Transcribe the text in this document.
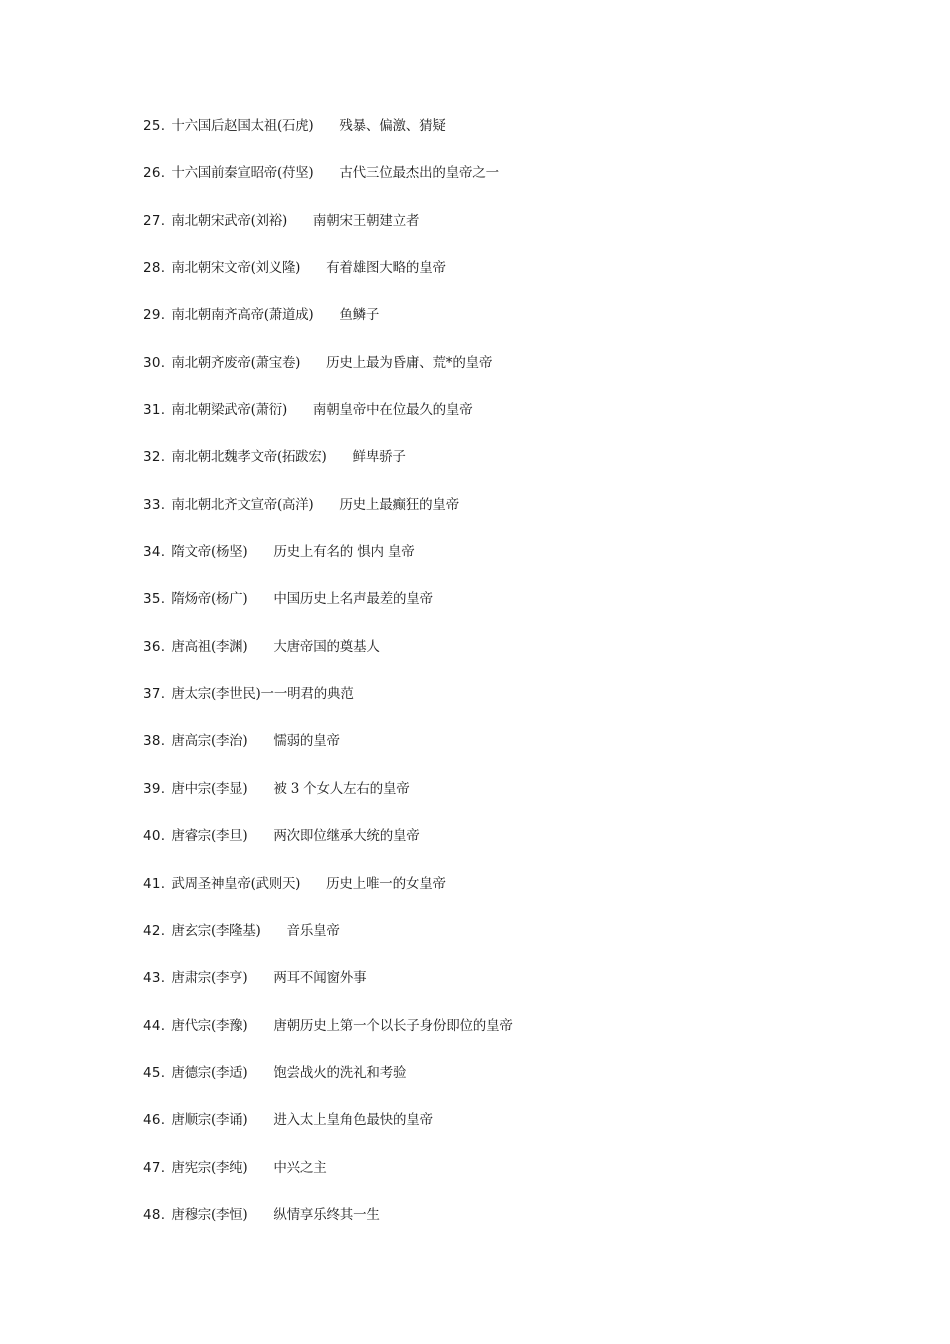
25. 十六国后赵国太祖(石虎) 残暴、偏激、猜疑
26. 十六国前秦宣昭帝(苻坚) 古代三位最杰出的皇帝之一
27. 南北朝宋武帝(刘裕) 南朝宋王朝建立者
28. 南北朝宋文帝(刘义隆) 有着雄图大略的皇帝
29. 南北朝南齐高帝(萧道成) 鱼鳞子
30. 南北朝齐废帝(萧宝卷) 历史上最为昏庸、荒*的皇帝
31. 南北朝梁武帝(萧衍) 南朝皇帝中在位最久的皇帝
32. 南北朝北魏孝文帝(拓跋宏) 鲜卑骄子
33. 南北朝北齐文宣帝(高洋) 历史上最癫狂的皇帝
34. 隋文帝(杨坚) 历史上有名的 惧内 皇帝
35. 隋炀帝(杨广) 中国历史上名声最差的皇帝
36. 唐高祖(李渊) 大唐帝国的奠基人
37. 唐太宗(李世民) 一一明君的典范
38. 唐高宗(李治) 懦弱的皇帝
39. 唐中宗(李显) 被 3 个女人左右的皇帝
40. 唐睿宗(李旦) 两次即位继承大统的皇帝
41. 武周圣神皇帝(武则天) 历史上唯一的女皇帝
42. 唐玄宗(李隆基) 音乐皇帝
43. 唐肃宗(李亨) 两耳不闻窗外事
44. 唐代宗(李豫) 唐朝历史上第一个以长子身份即位的皇帝
45. 唐德宗(李适) 饱尝战火的洗礼和考验
46. 唐顺宗(李诵) 进入太上皇角色最快的皇帝
47. 唐宪宗(李纯) 中兴之主
48. 唐穆宗(李恒) 纵情享乐终其一生
